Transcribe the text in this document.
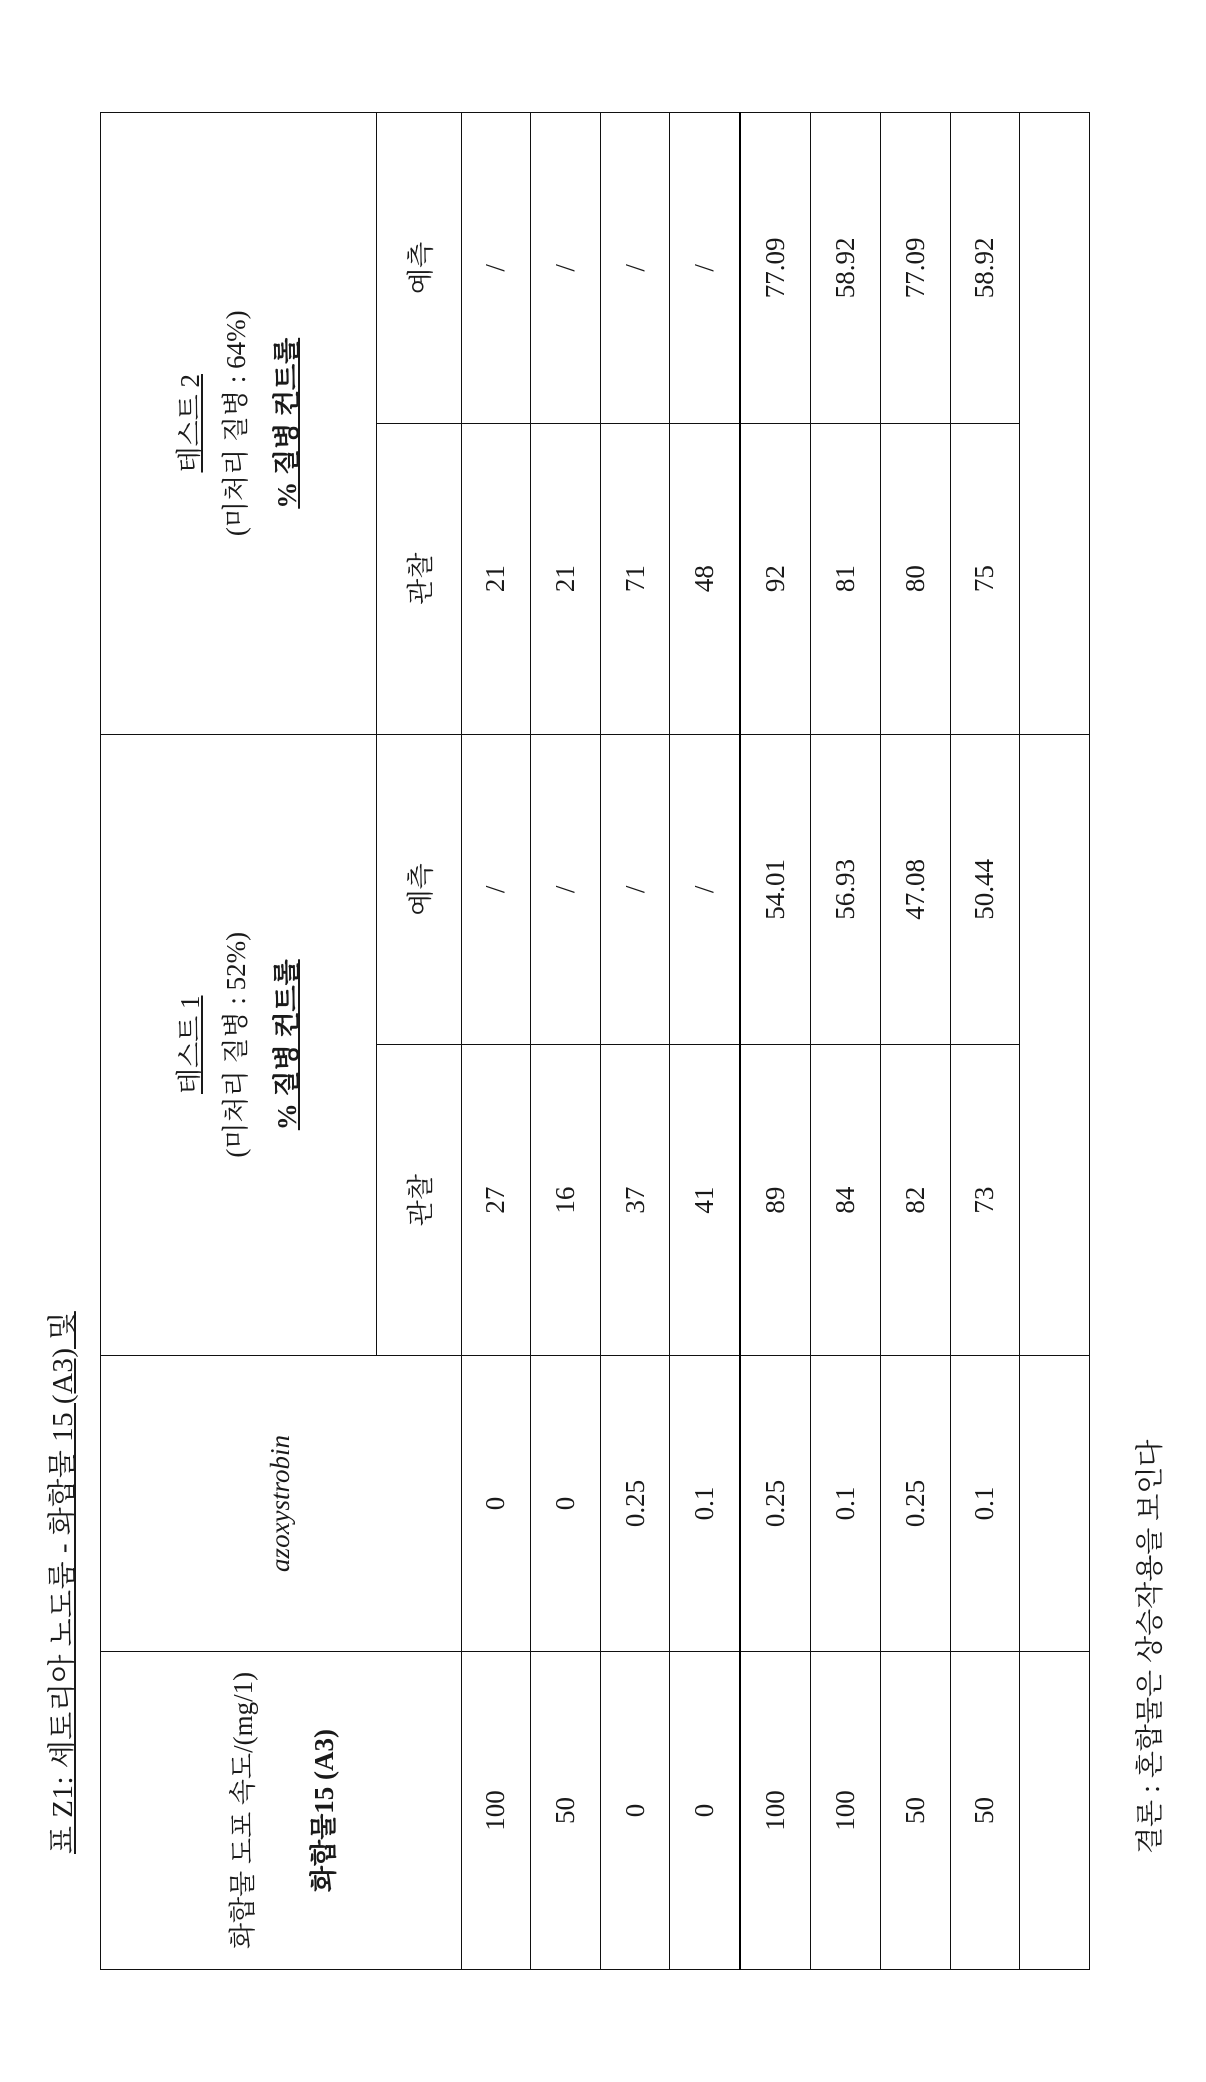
표 Z1: 셰토리아 노도룸 - 화합물 15 (A3) 및	화합물 도포 속도/(mg/1) 화합물15 (A3)	azoxystrobin	테스트 1 (미처리 질병 : 52%) % 질병 컨트롤		테스트 2 (미처리 질병 : 64%) % 질병 컨트롤	

		관찰	예측	관찰	예측
100	0	27	/	21	/
50	0	16	/	21	/
0	0.25	37	/	71	/
0	0.1	41	/	48	/
100	0.25	89	54.01	92	77.09
100	0.1	84	56.93	81	58.92
50	0.25	82	47.08	80	77.09
50	0.1	73	50.44	75	58.92

결론 : 혼합물은 상승작용을 보인다
